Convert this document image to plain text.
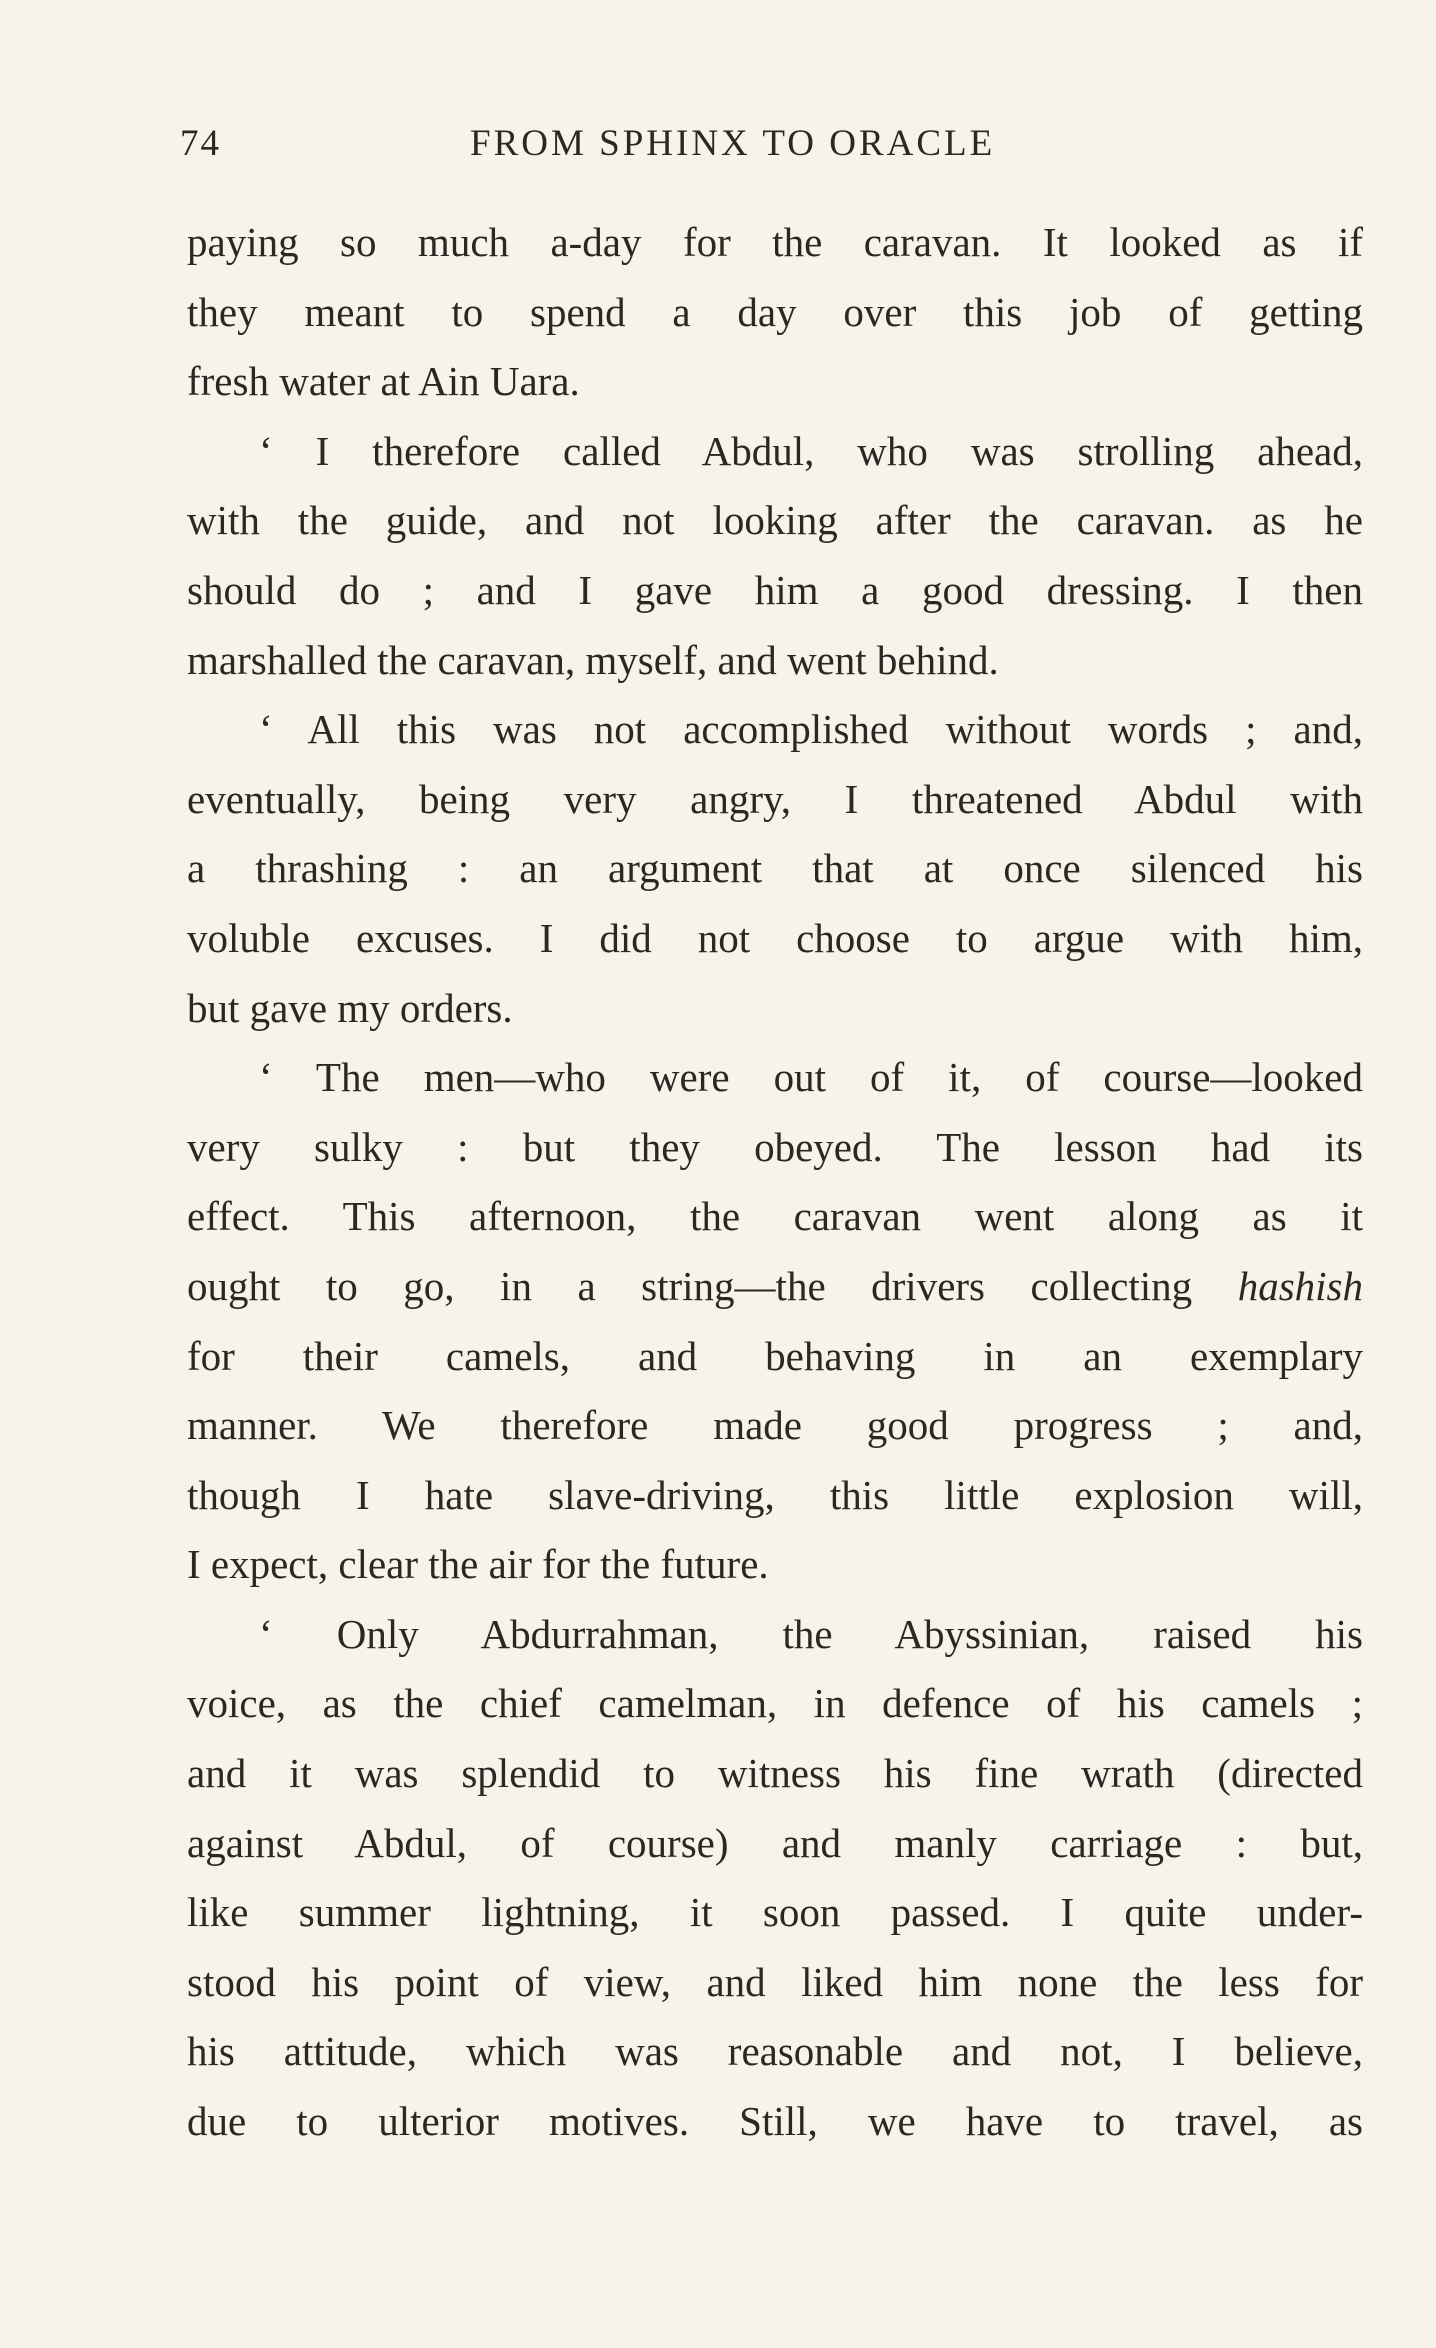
74	FROM SPHINX TO ORACLE
paying so much a-day for the caravan. It looked as if
they meant to spend a day over this job of getting
fresh water at Ain Uara.
‘ I therefore called Abdul, who was strolling ahead,
with the guide, and not looking after the caravan. as he
should do ; and I gave him a good dressing. I then
marshalled the caravan, myself, and went behind.
‘ All this was not accomplished without words ; and,
eventually, being very angry, I threatened Abdul with
a thrashing : an argument that at once silenced his
voluble excuses. I did not choose to argue with him,
but gave my orders.
‘ The men—who were out of it, of course—looked
very sulky : but they obeyed. The lesson had its
effect. This afternoon, the caravan went along as it
ought to go, in a string—the drivers collecting hashish
for their camels, and behaving in an exemplary
manner. We therefore made good progress ; and,
though I hate slave-driving, this little explosion will,
I expect, clear the air for the future.
‘ Only Abdurrahman, the Abyssinian, raised his
voice, as the chief camelman, in defence of his camels ;
and it was splendid to witness his fine wrath (directed
against Abdul, of course) and manly carriage : but,
like summer lightning, it soon passed. I quite under-
stood his point of view, and liked him none the less for
his attitude, which was reasonable and not, I believe,
due to ulterior motives. Still, we have to travel, as
